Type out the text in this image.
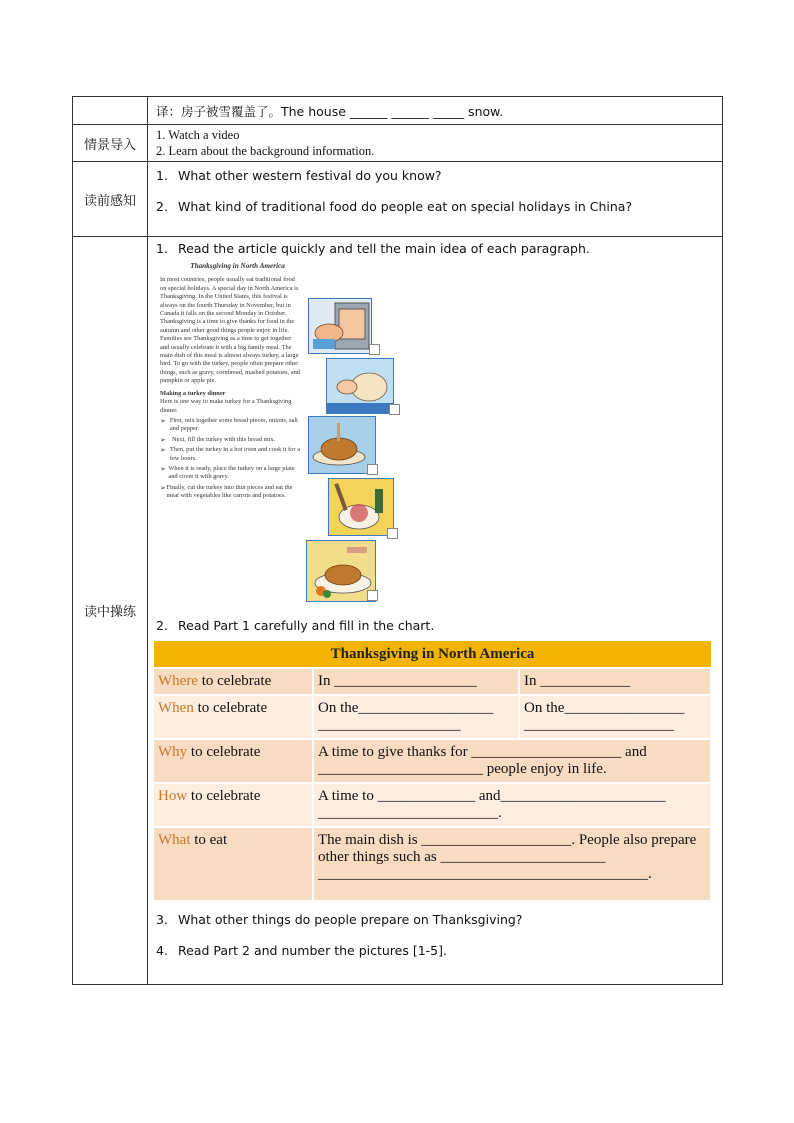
	译：房子被雪覆盖了。The house ______ ______ _____ snow.
情景导入	
1. Watch a video
2. Learn about the background information.

读前感知	
1. What other western festival do you know?
2. What kind of traditional food do people eat on special holidays in China?

读中操练	
1. Read the article quickly and tell the main idea of each paragraph.
Thanksgiving in North America

In most countries, people usually eat traditional food on special holidays. A special day in North America is Thanksgiving. In the United States, this festival is always on the fourth Thursday in November, but in Canada it falls on the second Monday in October. Thanksgiving is a time to give thanks for food in the autumn and other good things people enjoy in life. Families see Thanksgiving as a time to get together and usually celebrate it with a big family meal. The main dish of this meal is almost always turkey, a large bird. To go with the turkey, people often prepare other things, such as gravy, cornbread, mashed potatoes, and pumpkin or apple pie.

Making a turkey dinner

Here is one way to make turkey for a Thanksgiving dinner.

➢ First, mix together some bread pieces, onions, salt and pepper.
➢ Next, fill the turkey with this bread mix.
➢ Then, put the turkey in a hot oven and cook it for a few hours.
➢ When it is ready, place the turkey on a large plate and cover it with gravy.
➢ Finally, cut the turkey into thin pieces and eat the meat with vegetables like carrots and potatoes.
2. Read Part 1 carefully and fill in the chart.
Thanksgiving in North America
Where to celebrate	In ___________________	In ____________
When to celebrate	On the__________________ ___________________	On the________________ ____________________
Why to celebrate	A time to give thanks for ____________________ and ______________________ people enjoy in life.
How to celebrate	A time to _____________ and______________________ ________________________.
What to eat	The main dish is ____________________. People also prepare other things such as ______________________ ____________________________________________.
3. What other things do people prepare on Thanksgiving?
4. Read Part 2 and number the pictures [1-5].
